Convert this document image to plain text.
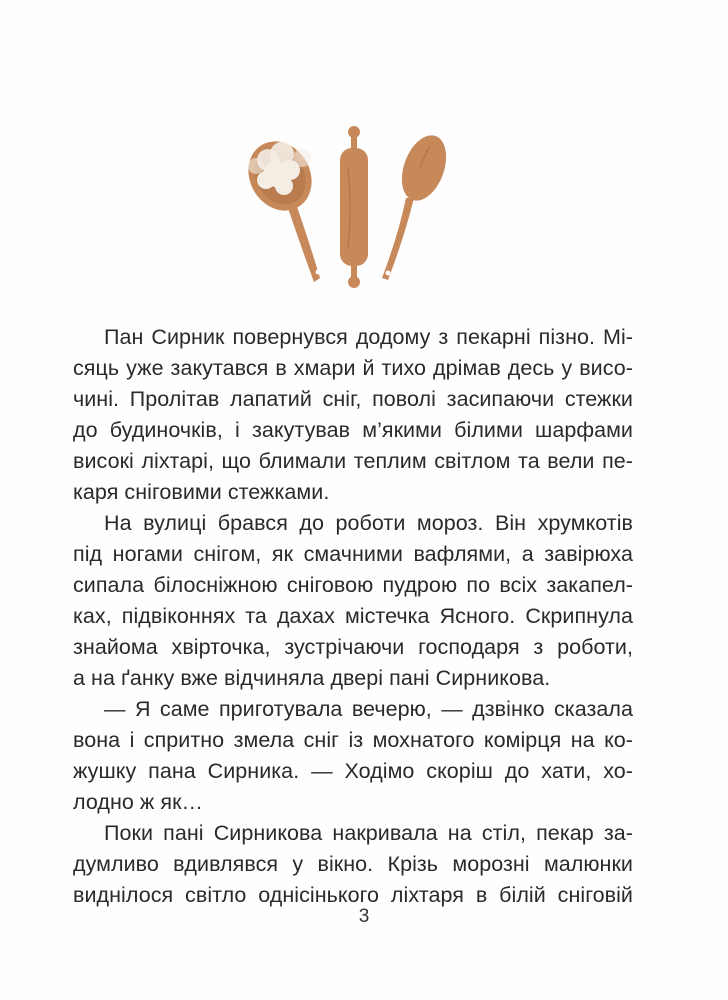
Пан Сирник повернувся додому з пекарні пізно. Мі-
сяць уже закутався в хмари й тихо дрімав десь у висо-
чині. Пролітав лапатий сніг, поволі засипаючи стежки
до будиночків, і закутував м’якими білими шарфами
високі ліхтарі, що блимали теплим світлом та вели пе-
каря сніговими стежками.
На вулиці брався до роботи мороз. Він хрумкотів
під ногами снігом, як смачними вафлями, а завірюха
сипала білосніжною сніговою пудрою по всіх закапел-
ках, підвіконнях та дахах містечка Ясного. Скрипнула
знайома хвірточка, зустрічаючи господаря з роботи,
а на ґанку вже відчиняла двері пані Сирникова.
— Я саме приготувала вечерю, — дзвінко сказала
вона і спритно змела сніг із мохнатого комірця на ко-
жушку пана Сирника. — Ходімо скоріш до хати, хо-
лодно ж як…
Поки пані Сирникова накривала на стіл, пекар за-
думливо вдивлявся у вікно. Крізь морозні малюнки
виднілося світло однісінького ліхтаря в білій сніговій
3
